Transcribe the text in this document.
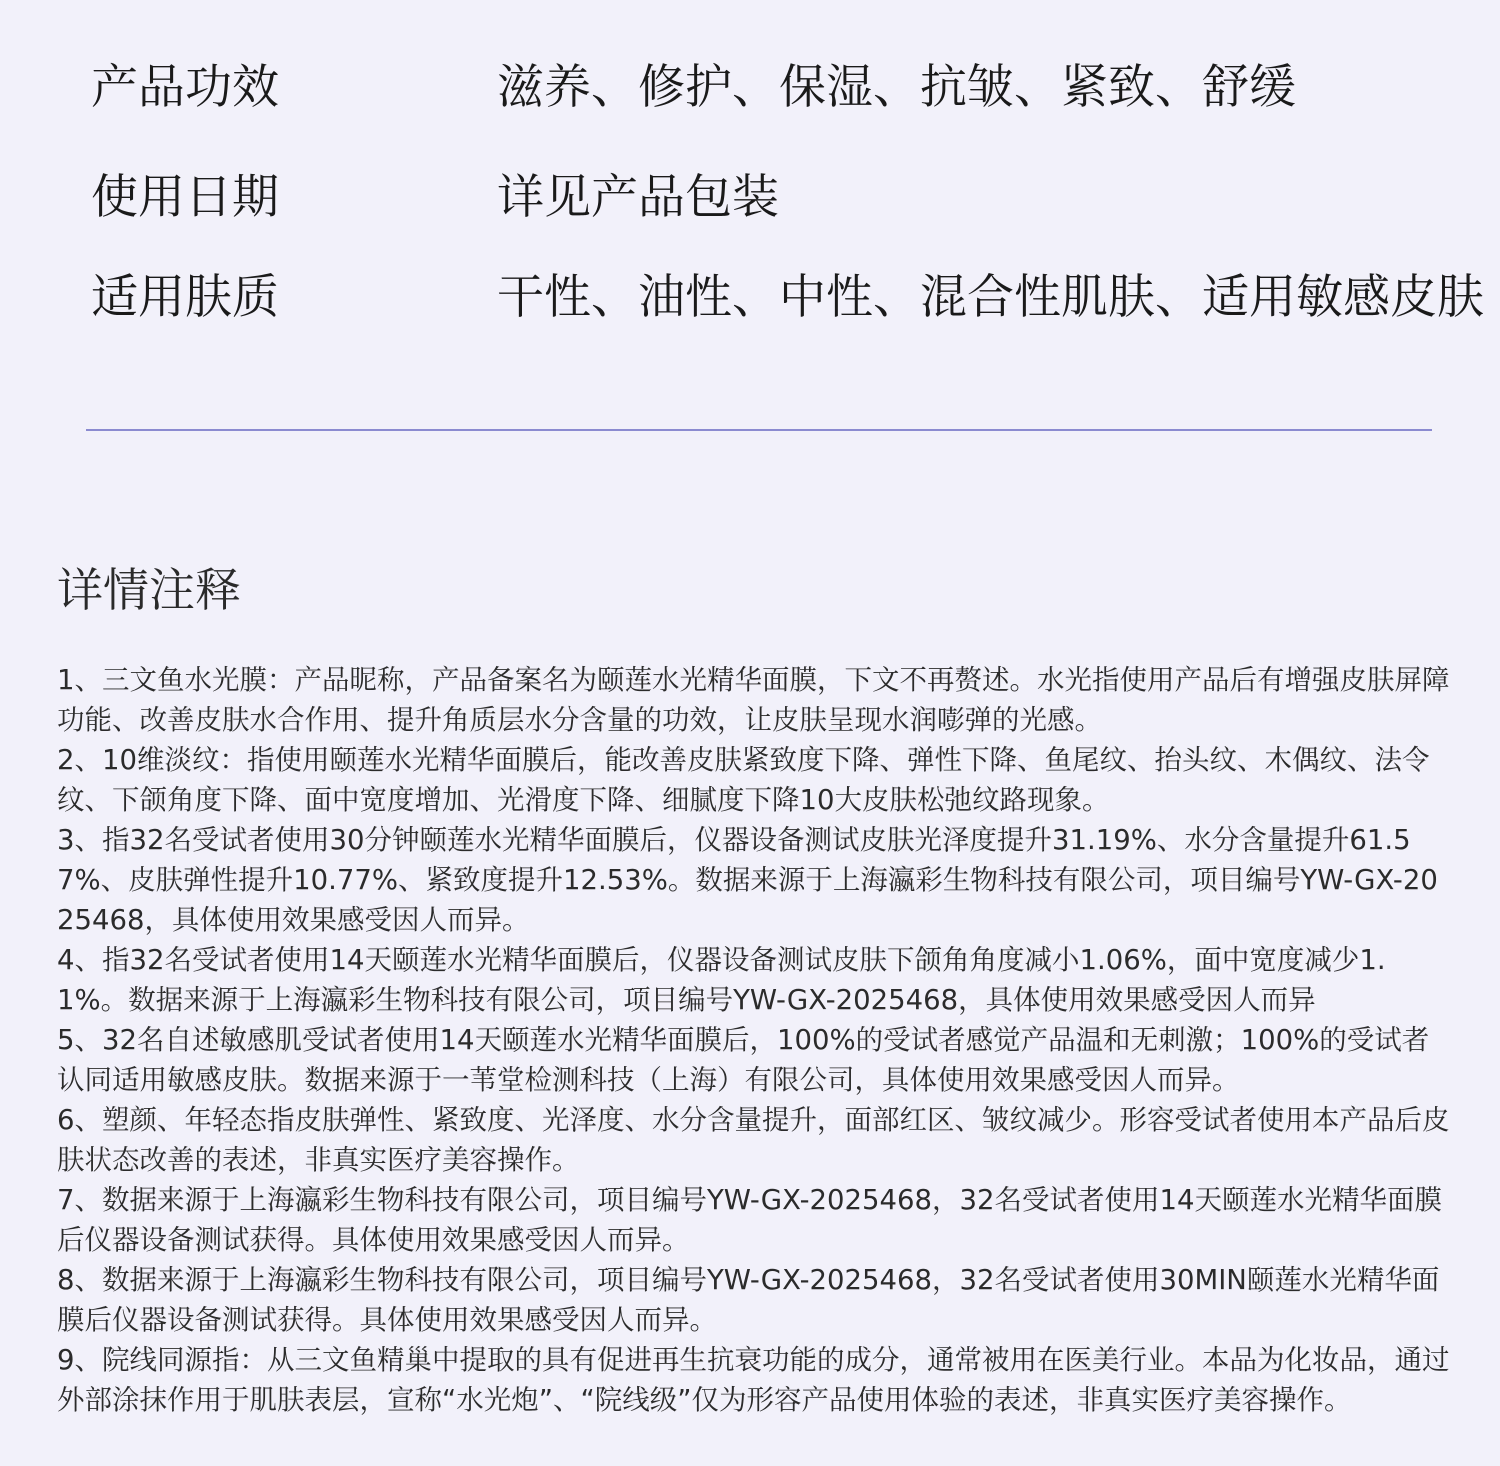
产品功效	滋养、修护、保湿、抗皱、紧致、舒缓
使用日期	详见产品包装
适用肤质	干性、油性、中性、混合性肌肤、适用敏感皮肤
详情注释

1、三文鱼水光膜：产品昵称，产品备案名为颐莲水光精华面膜，下文不再赘述。水光指使用产品后有增强皮肤屏障功能、改善皮肤水合作用、提升角质层水分含量的功效，让皮肤呈现水润嘭弹的光感。

2、10维淡纹：指使用颐莲水光精华面膜后，能改善皮肤紧致度下降、弹性下降、鱼尾纹、抬头纹、木偶纹、法令纹、下颌角度下降、面中宽度增加、光滑度下降、细腻度下降10大皮肤松弛纹路现象。

3、指32名受试者使用30分钟颐莲水光精华面膜后，仪器设备测试皮肤光泽度提升31.19%、水分含量提升61.57%、皮肤弹性提升10.77%、紧致度提升12.53%。数据来源于上海瀛彩生物科技有限公司，项目编号YW-GX-2025468，具体使用效果感受因人而异。

4、指32名受试者使用14天颐莲水光精华面膜后，仪器设备测试皮肤下颌角角度减小1.06%，面中宽度减少1.1%。数据来源于上海瀛彩生物科技有限公司，项目编号YW-GX-2025468，具体使用效果感受因人而异

5、32名自述敏感肌受试者使用14天颐莲水光精华面膜后，100%的受试者感觉产品温和无刺激；100%的受试者认同适用敏感皮肤。数据来源于一苇堂检测科技（上海）有限公司，具体使用效果感受因人而异。

6、塑颜、年轻态指皮肤弹性、紧致度、光泽度、水分含量提升，面部红区、皱纹减少。形容受试者使用本产品后皮肤状态改善的表述，非真实医疗美容操作。

7、数据来源于上海瀛彩生物科技有限公司，项目编号YW-GX-2025468，32名受试者使用14天颐莲水光精华面膜后仪器设备测试获得。具体使用效果感受因人而异。

8、数据来源于上海瀛彩生物科技有限公司，项目编号YW-GX-2025468，32名受试者使用30MIN颐莲水光精华面膜后仪器设备测试获得。具体使用效果感受因人而异。

9、院线同源指：从三文鱼精巢中提取的具有促进再生抗衰功能的成分，通常被用在医美行业。本品为化妆品，通过外部涂抹作用于肌肤表层，宣称“水光炮”、“院线级”仅为形容产品使用体验的表述，非真实医疗美容操作。
